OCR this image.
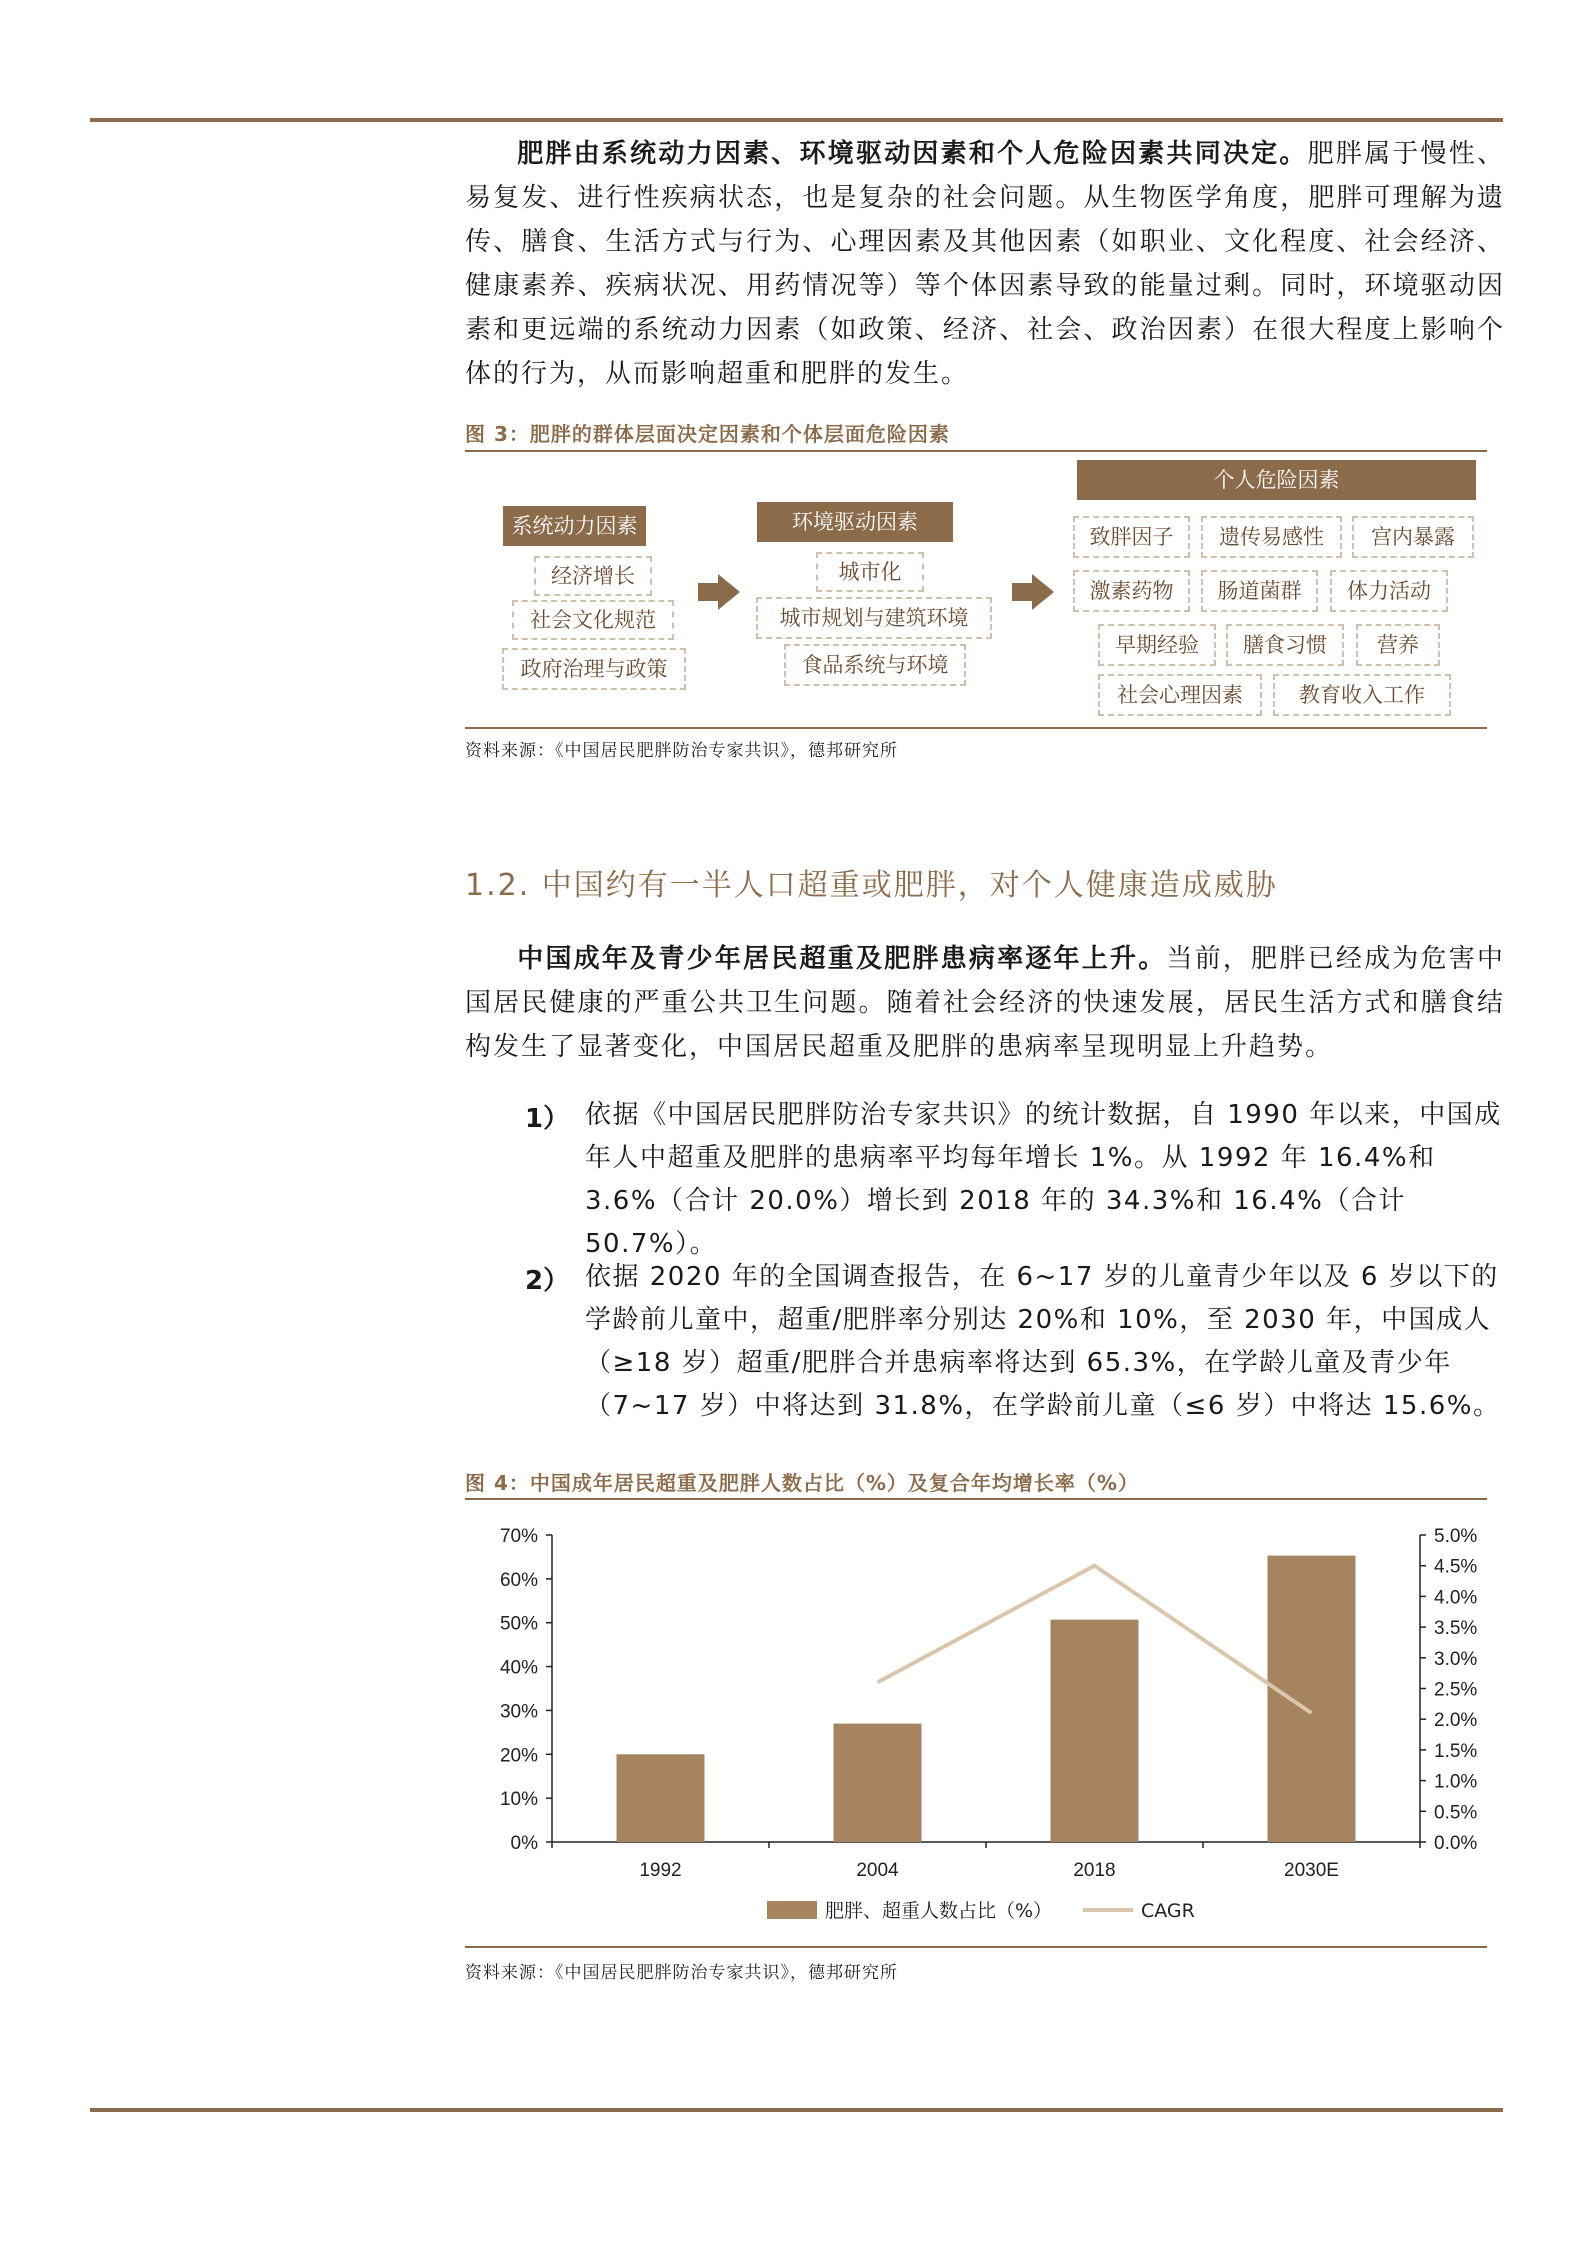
肥胖由系统动力因素、环境驱动因素和个人危险因素共同决定。肥胖属于慢性、易复发、进行性疾病状态，也是复杂的社会问题。从生物医学角度，肥胖可理解为遗传、膳食、生活方式与行为、心理因素及其他因素（如职业、文化程度、社会经济、健康素养、疾病状况、用药情况等）等个体因素导致的能量过剩。同时，环境驱动因素和更远端的系统动力因素（如政策、经济、社会、政治因素）在很大程度上影响个体的行为，从而影响超重和肥胖的发生。

图 3：肥胖的群体层面决定因素和个体层面危险因素
系统动力因素
经济增长
社会文化规范
政府治理与政策
环境驱动因素
城市化
城市规划与建筑环境
食品系统与环境
个人危险因素
致胖因子	遗传易感性	宫内暴露
激素药物	肠道菌群	体力活动
早期经验	膳食习惯	营养
社会心理因素	教育收入工作
资料来源：《中国居民肥胖防治专家共识》，德邦研究所
1.2. 中国约有一半人口超重或肥胖，对个人健康造成威胁

中国成年及青少年居民超重及肥胖患病率逐年上升。当前，肥胖已经成为危害中国居民健康的严重公共卫生问题。随着社会经济的快速发展，居民生活方式和膳食结构发生了显著变化，中国居民超重及肥胖的患病率呈现明显上升趋势。

1） 依据《中国居民肥胖防治专家共识》的统计数据，自 1990 年以来，中国成年人中超重及肥胖的患病率平均每年增长 1%。从 1992 年 16.4%和 3.6%（合计 20.0%）增长到 2018 年的 34.3%和 16.4%（合计 50.7%）。

2） 依据 2020 年的全国调查报告，在 6~17 岁的儿童青少年以及 6 岁以下的学龄前儿童中，超重/肥胖率分别达 20%和 10%，至 2030 年，中国成人（≥18 岁）超重/肥胖合并患病率将达到 65.3%，在学龄儿童及青少年（7~17 岁）中将达到 31.8%，在学龄前儿童（≤6 岁）中将达 15.6%。

图 4：中国成年居民超重及肥胖人数占比（%）及复合年均增长率（%）
0%
10%
20%
30%
40%
50%
60%
70%
0.0%
0.5%
1.0%
1.5%
2.0%
2.5%
3.0%
3.5%
4.0%
4.5%
5.0%
1992	2004	2018	2030E
肥胖、超重人数占比（%）	CAGR
资料来源：《中国居民肥胖防治专家共识》，德邦研究所
